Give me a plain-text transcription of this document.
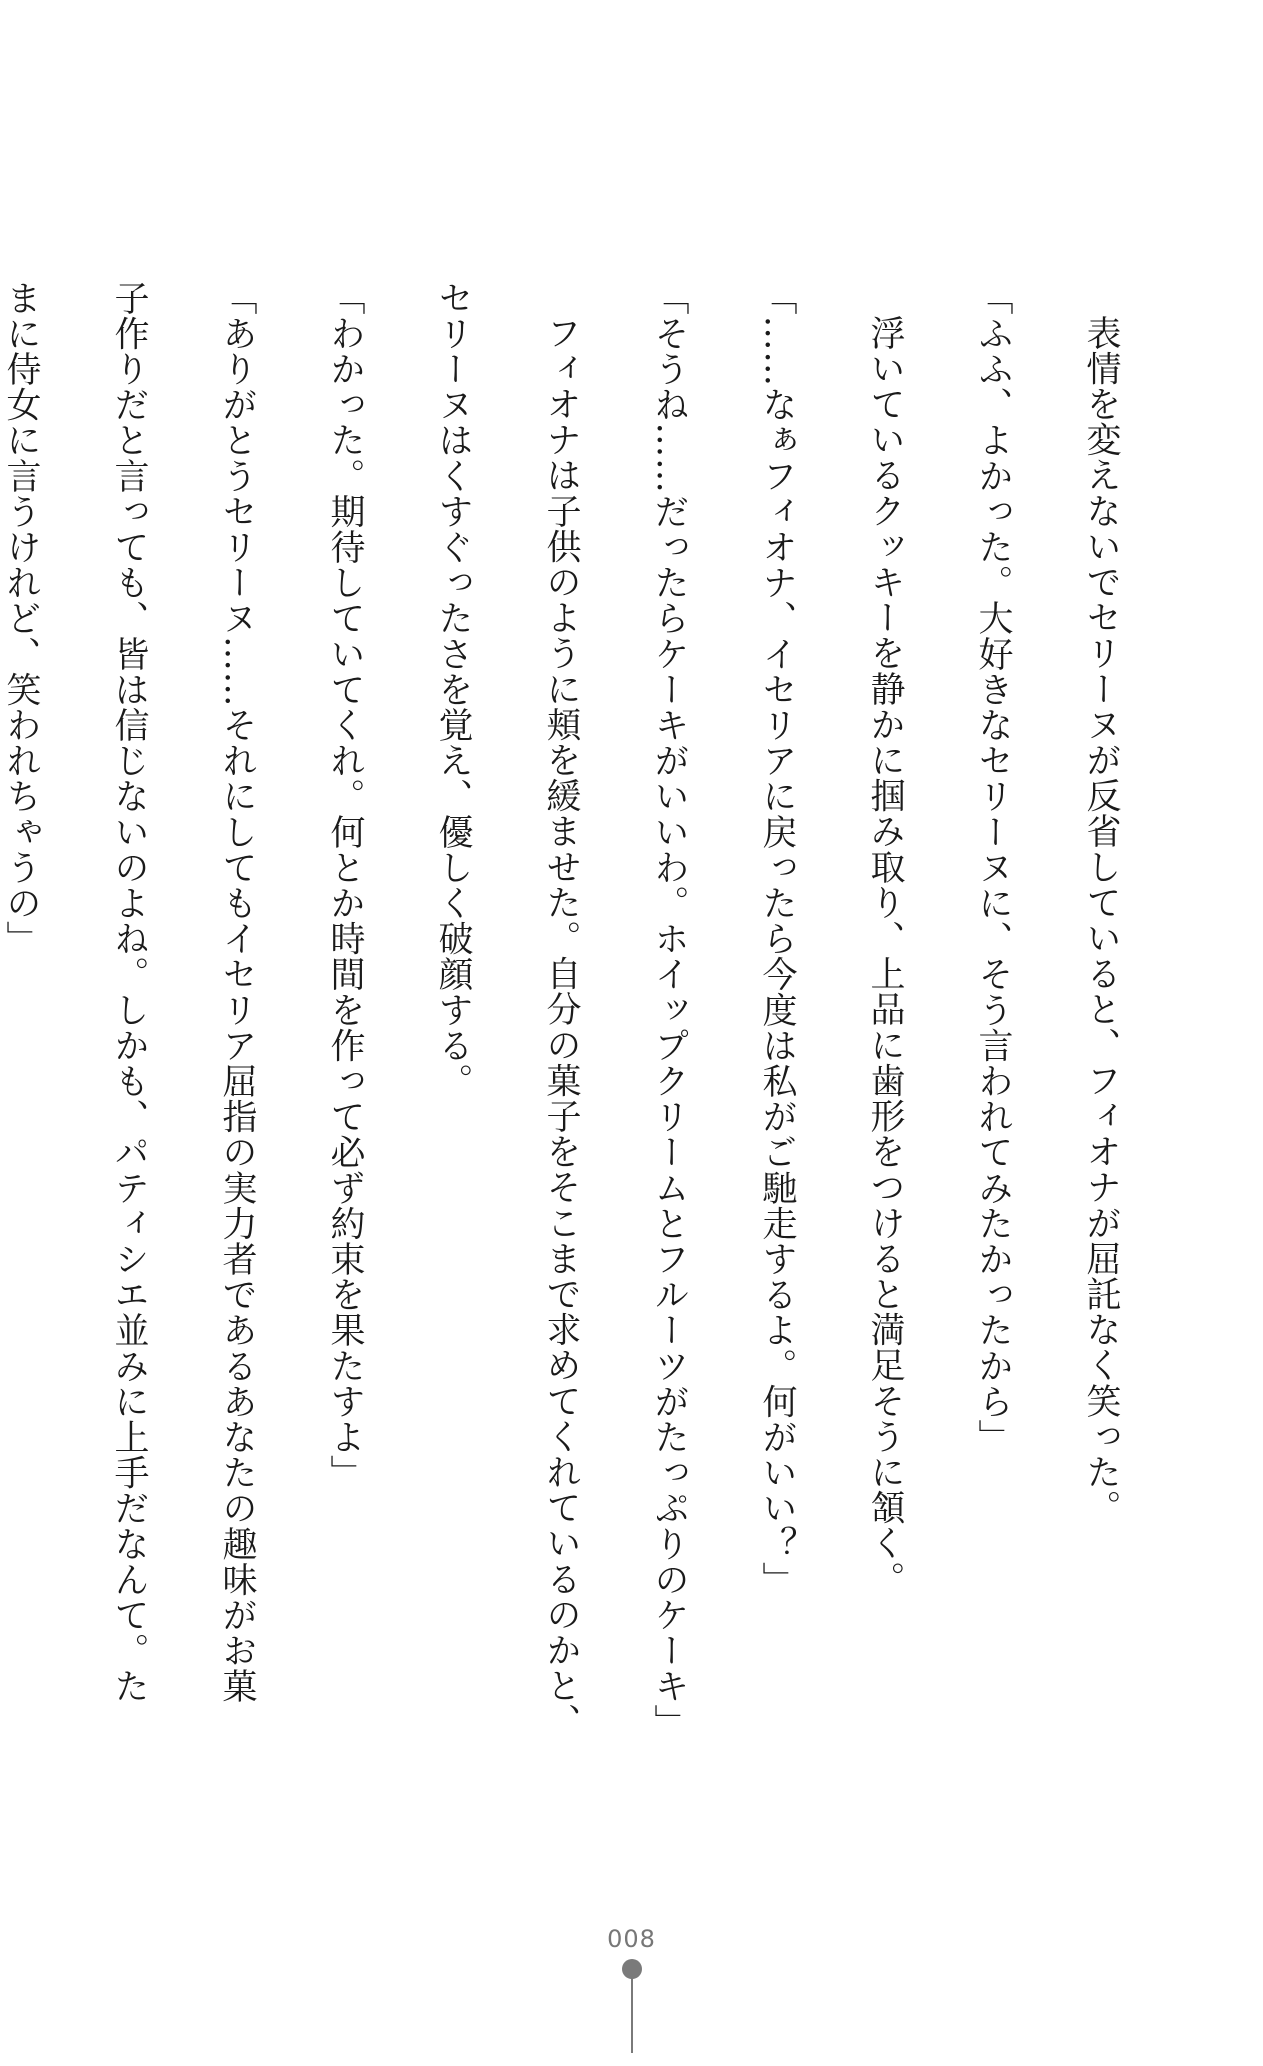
表情を変えないでセリーヌが反省していると、フィオナが屈託なく笑った。
「ふふ、よかった。大好きなセリーヌに、そう言われてみたかったから」
浮いているクッキーを静かに掴み取り、上品に歯形をつけると満足そうに頷く。
「……なぁフィオナ、イセリアに戻ったら今度は私がご馳走するよ。何がいい？」
「そうね……だったらケーキがいいわ。ホイップクリームとフルーツがたっぷりのケーキ」
フィオナは子供のように頬を緩ませた。自分の菓子をそこまで求めてくれているのかと、
セリーヌはくすぐったさを覚え、優しく破顔する。
「わかった。期待していてくれ。何とか時間を作って必ず約束を果たすよ」
「ありがとうセリーヌ……それにしてもイセリア屈指の実力者であるあなたの趣味がお菓
子作りだと言っても、皆は信じないのよね。しかも、パティシエ並みに上手だなんて。た
まに侍女に言うけれど、笑われちゃうの」
008
